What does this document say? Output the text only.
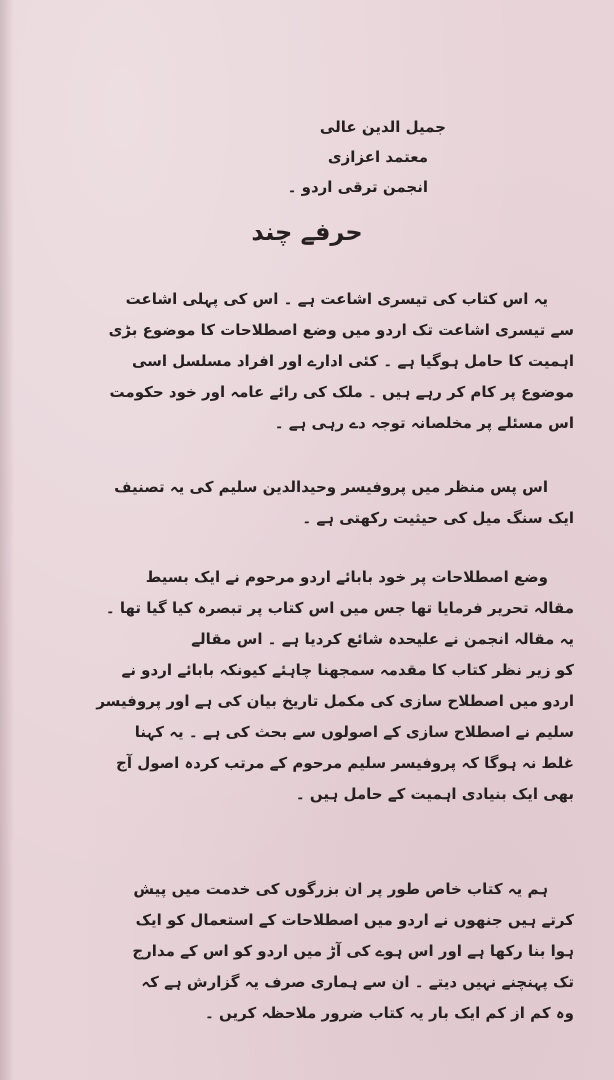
جمیل الدین عالی
معتمد اعزازی
انجمن ترقی اردو ۔
حرفے چند
یہ اس کتاب کی تیسری اشاعت ہے ۔ اس کی پہلی اشاعت
سے تیسری اشاعت تک اردو میں وضع اصطلاحات کا موضوع بڑی
اہمیت کا حامل ہوگیا ہے ۔ کئی ادارے اور افراد مسلسل اسی
موضوع پر کام کر رہے ہیں ۔ ملک کی رائے عامہ اور خود حکومت
اس مسئلے پر مخلصانہ توجہ دے رہی ہے ۔
اس پس منظر میں پروفیسر وحیدالدین سلیم کی یہ تصنیف
ایک سنگ میل کی حیثیت رکھتی ہے ۔
وضع اصطلاحات پر خود بابائے اردو مرحوم نے ایک بسیط
مقالہ تحریر فرمایا تھا جس میں اس کتاب پر تبصرہ کیا گیا تھا ۔
یہ مقالہ انجمن نے علیحدہ شائع کردیا ہے ۔ اس مقالے
کو زیر نظر کتاب کا مقدمہ سمجھنا چاہئے کیونکہ بابائے اردو نے
اردو میں اصطلاح سازی کی مکمل تاریخ بیان کی ہے اور پروفیسر
سلیم نے اصطلاح سازی کے اصولوں سے بحث کی ہے ۔ یہ کہنا
غلط نہ ہوگا کہ پروفیسر سلیم مرحوم کے مرتب کردہ اصول آج
بھی ایک بنیادی اہمیت کے حامل ہیں ۔
ہم یہ کتاب خاص طور پر ان بزرگوں کی خدمت میں پیش
کرتے ہیں جنھوں نے اردو میں اصطلاحات کے استعمال کو ایک
ہوا بنا رکھا ہے اور اس ہوے کی آڑ میں اردو کو اس کے مدارج
تک پہنچنے نہیں دیتے ۔ ان سے ہماری صرف یہ گزارش ہے کہ
وہ کم از کم ایک بار یہ کتاب ضرور ملاحظہ کریں ۔
